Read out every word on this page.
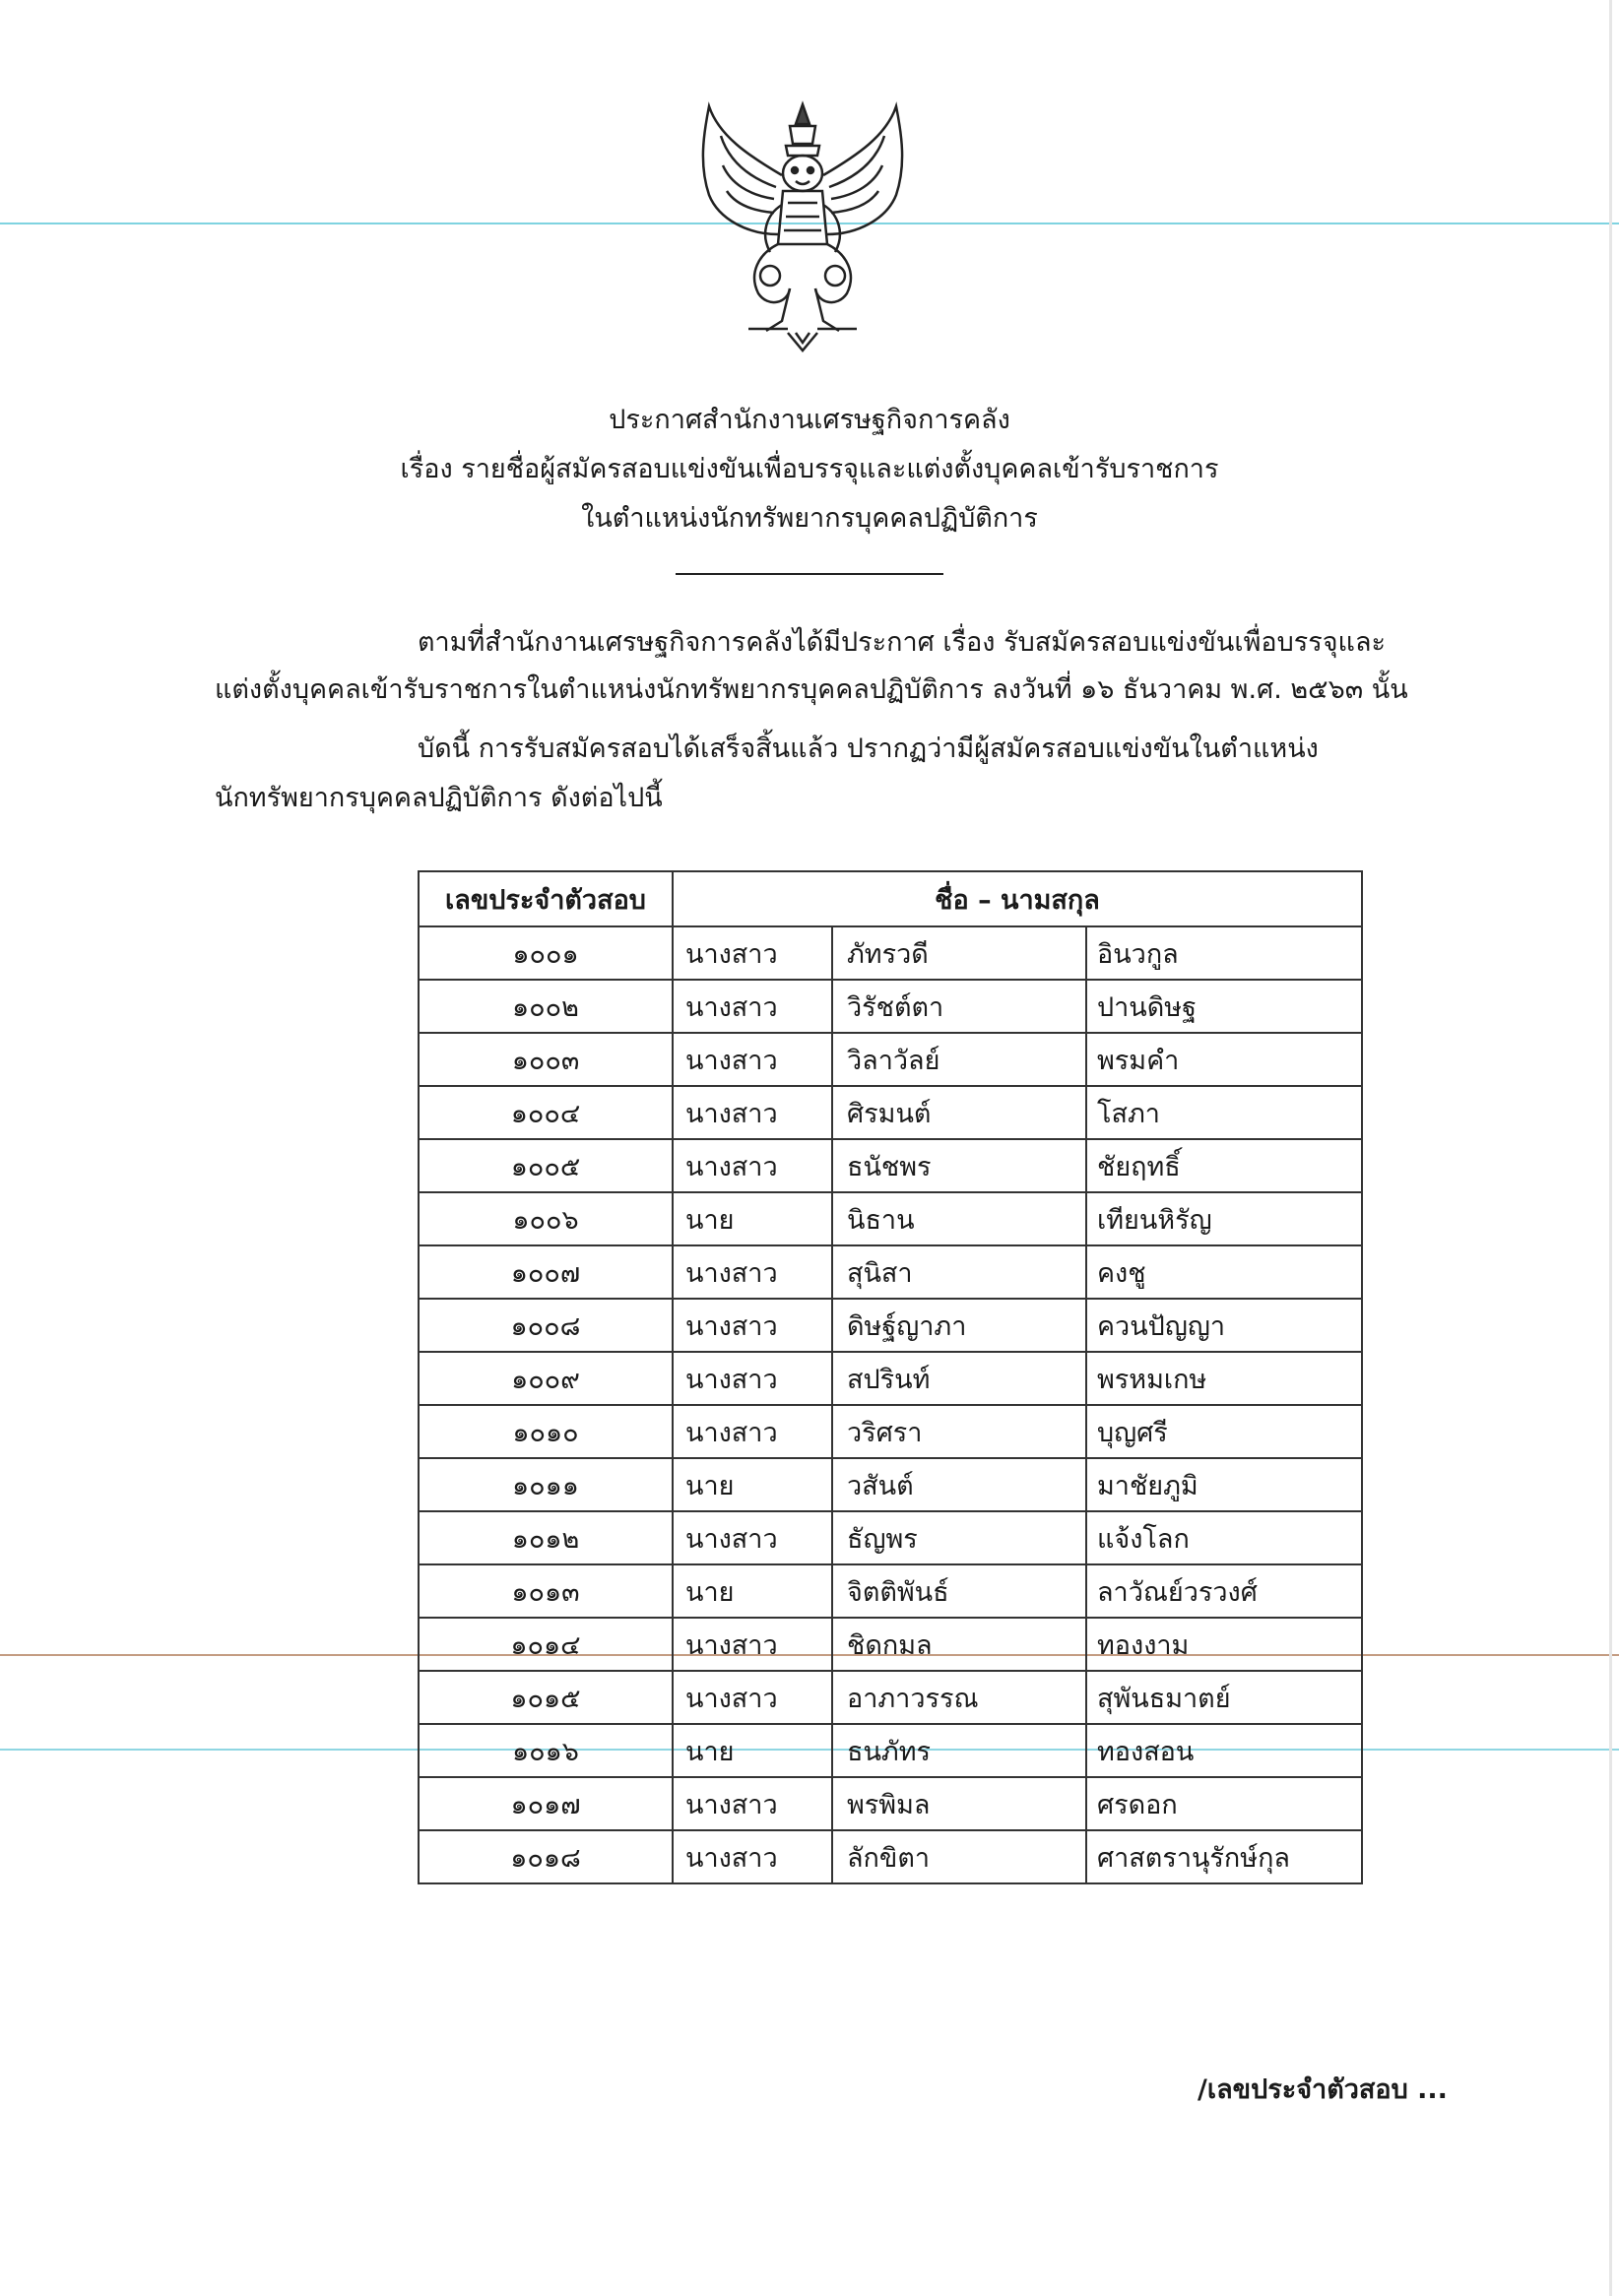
ประกาศสำนักงานเศรษฐกิจการคลัง
เรื่อง รายชื่อผู้สมัครสอบแข่งขันเพื่อบรรจุและแต่งตั้งบุคคลเข้ารับราชการ
ในตำแหน่งนักทรัพยากรบุคคลปฏิบัติการ
ตามที่สำนักงานเศรษฐกิจการคลังได้มีประกาศ เรื่อง รับสมัครสอบแข่งขันเพื่อบรรจุและ
แต่งตั้งบุคคลเข้ารับราชการในตำแหน่งนักทรัพยากรบุคคลปฏิบัติการ ลงวันที่ ๑๖ ธันวาคม พ.ศ. ๒๕๖๓ นั้น
บัดนี้ การรับสมัครสอบได้เสร็จสิ้นแล้ว ปรากฏว่ามีผู้สมัครสอบแข่งขันในตำแหน่ง
นักทรัพยากรบุคคลปฏิบัติการ ดังต่อไปนี้
เลขประจำตัวสอบ	ชื่อ – นามสกุล		
๑๐๐๑	นางสาว	ภัทรวดี	อินวกูล
๑๐๐๒	นางสาว	วิรัชต์ตา	ปานดิษฐ
๑๐๐๓	นางสาว	วิลาวัลย์	พรมคำ
๑๐๐๔	นางสาว	ศิรมนต์	โสภา
๑๐๐๕	นางสาว	ธนัชพร	ชัยฤทธิ์
๑๐๐๖	นาย	นิธาน	เทียนหิรัญ
๑๐๐๗	นางสาว	สุนิสา	คงชู
๑๐๐๘	นางสาว	ดิษฐ์ญาภา	ควนปัญญา
๑๐๐๙	นางสาว	สปรินท์	พรหมเกษ
๑๐๑๐	นางสาว	วริศรา	บุญศรี
๑๐๑๑	นาย	วสันต์	มาชัยภูมิ
๑๐๑๒	นางสาว	ธัญพร	แจ้งโลก
๑๐๑๓	นาย	จิตติพันธ์	ลาวัณย์วรวงศ์
๑๐๑๔	นางสาว	ชิดกมล	ทองงาม
๑๐๑๕	นางสาว	อาภาวรรณ	สุพันธมาตย์
๑๐๑๖	นาย	ธนภัทร	ทองสอน
๑๐๑๗	นางสาว	พรพิมล	ศรดอก
๑๐๑๘	นางสาว	ลักขิตา	ศาสตรานุรักษ์กุล
/เลขประจำตัวสอบ ...
